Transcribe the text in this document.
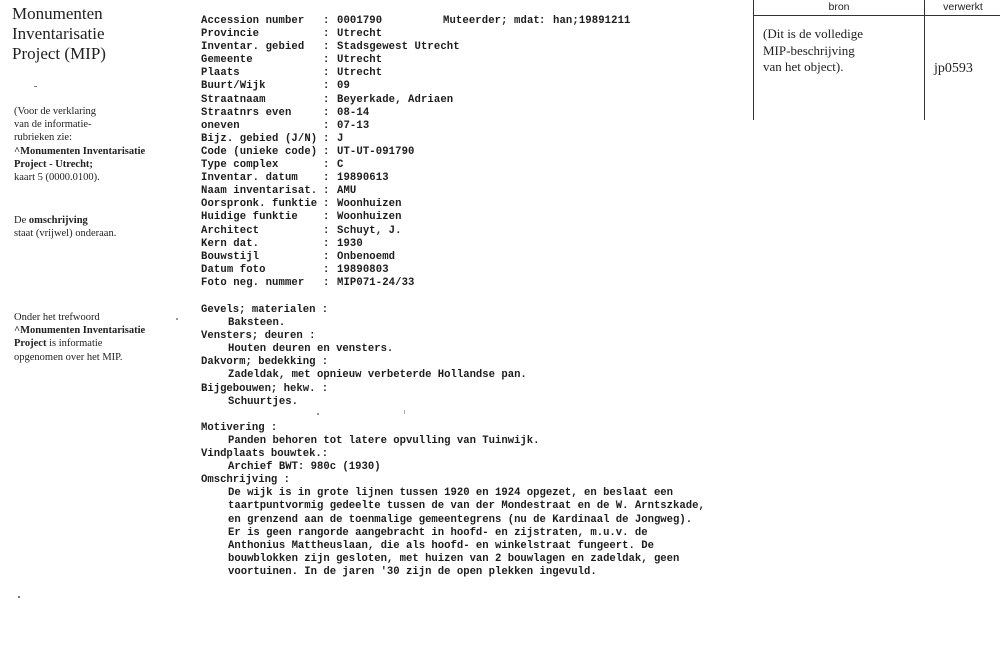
Monumenten
Inventarisatie
Project (MIP)
(Voor de verklaring
van de informatie-
rubrieken zie:
^Monumenten Inventarisatie
Project - Utrecht;
kaart 5 (0000.0100).
De omschrijving
staat (vrijwel) onderaan.
Onder het trefwoord
^Monumenten Inventarisatie
Project is informatie
opgenomen over het MIP.
bron	verwerkt
(Dit is de volledige
MIP-beschrijving
van het object).	jp0593
Accession number : 0001790	Muteerder; mdat : han;19891211
Provincie	: Utrecht
Inventar. gebied : Stadsgewest Utrecht
Gemeente	: Utrecht
Plaats	: Utrecht
Buurt/Wijk	: 09
Straatnaam	: Beyerkade, Adriaen
Straatnrs even	: 08-14
oneven	: 07-13
Bijz. gebied (J/N) : J
Code (unieke code) : UT-UT-091790
Type complex	: C
Inventar. datum : 19890613
Naam inventarisat. : AMU
Oorspronk. funktie : Woonhuizen
Huidige funktie : Woonhuizen
Architect	: Schuyt, J.
Kern dat.	: 1930
Bouwstijl	: Onbenoemd
Datum foto	: 19890803
Foto neg. nummer : MIP071-24/33
Gevels; materialen :
Baksteen.
Vensters; deuren :
Houten deuren en vensters.
Dakvorm; bedekking :
Zadeldak, met opnieuw verbeterde Hollandse pan.
Bijgebouwen; hekw. :
Schuurtjes.
Motivering :
Panden behoren tot latere opvulling van Tuinwijk.
Vindplaats bouwtek.:
Archief BWT: 980c (1930)
Omschrijving :
De wijk is in grote lijnen tussen 1920 en 1924 opgezet, en beslaat een
taartpuntvormig gedeelte tussen de van der Mondestraat en de W. Arntszkade,
en grenzend aan de toenmalige gemeentegrens (nu de Kardinaal de Jongweg).
Er is geen rangorde aangebracht in hoofd- en zijstraten, m.u.v. de
Anthonius Mattheuslaan, die als hoofd- en winkelstraat fungeert. De
bouwblokken zijn gesloten, met huizen van 2 bouwlagen en zadeldak, geen
voortuinen. In de jaren '30 zijn de open plekken ingevuld.
